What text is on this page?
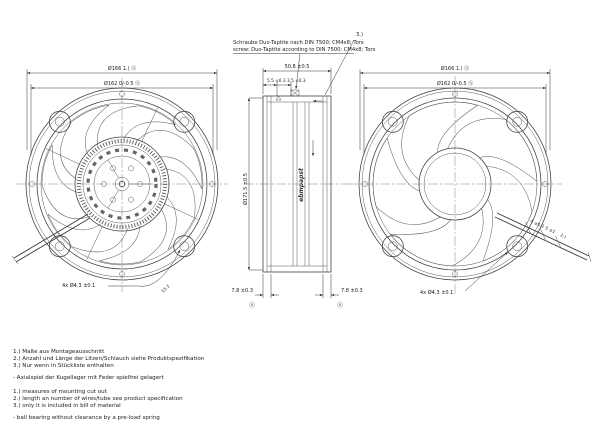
Ø166 1.) Ⓢ
Ø162 0/-0.5 Ⓢ
4x Ø4.3 ±0.1	13.2
ebmpapst
50.8 ±0.5
5.5 ±0.3 3.5 ±0.3
Ø171.5 ±0.5
7.8 ±0.3
Ⓢ
7.8 ±0.3
Ⓢ
Ø166 1.) Ⓢ
Ø162 0/-0.5 Ⓢ
4 ±0.3
5 ±1
2.)
4x Ø4.3 ±0.1
Schraube Duo-Taptite nach DIN 7500; CM4x8; Torx
screw: Duo-Taptite according to DIN 7500; CM4x8; Torx
3.)
1.) Maße aus Montageausschnitt
2.) Anzahl und Länge der Litzen/Schlauch siehe Produktspezifikation
3.) Nur wenn in Stückliste enthalten
- Axialspiel der Kugellager mit Feder spielfrei gelagert
1.) measures of mounting cut out
2.) length an number of wires/tube see product specification
3.) only it is included in bill of material
- ball bearing without clearance by a pre-load spring
